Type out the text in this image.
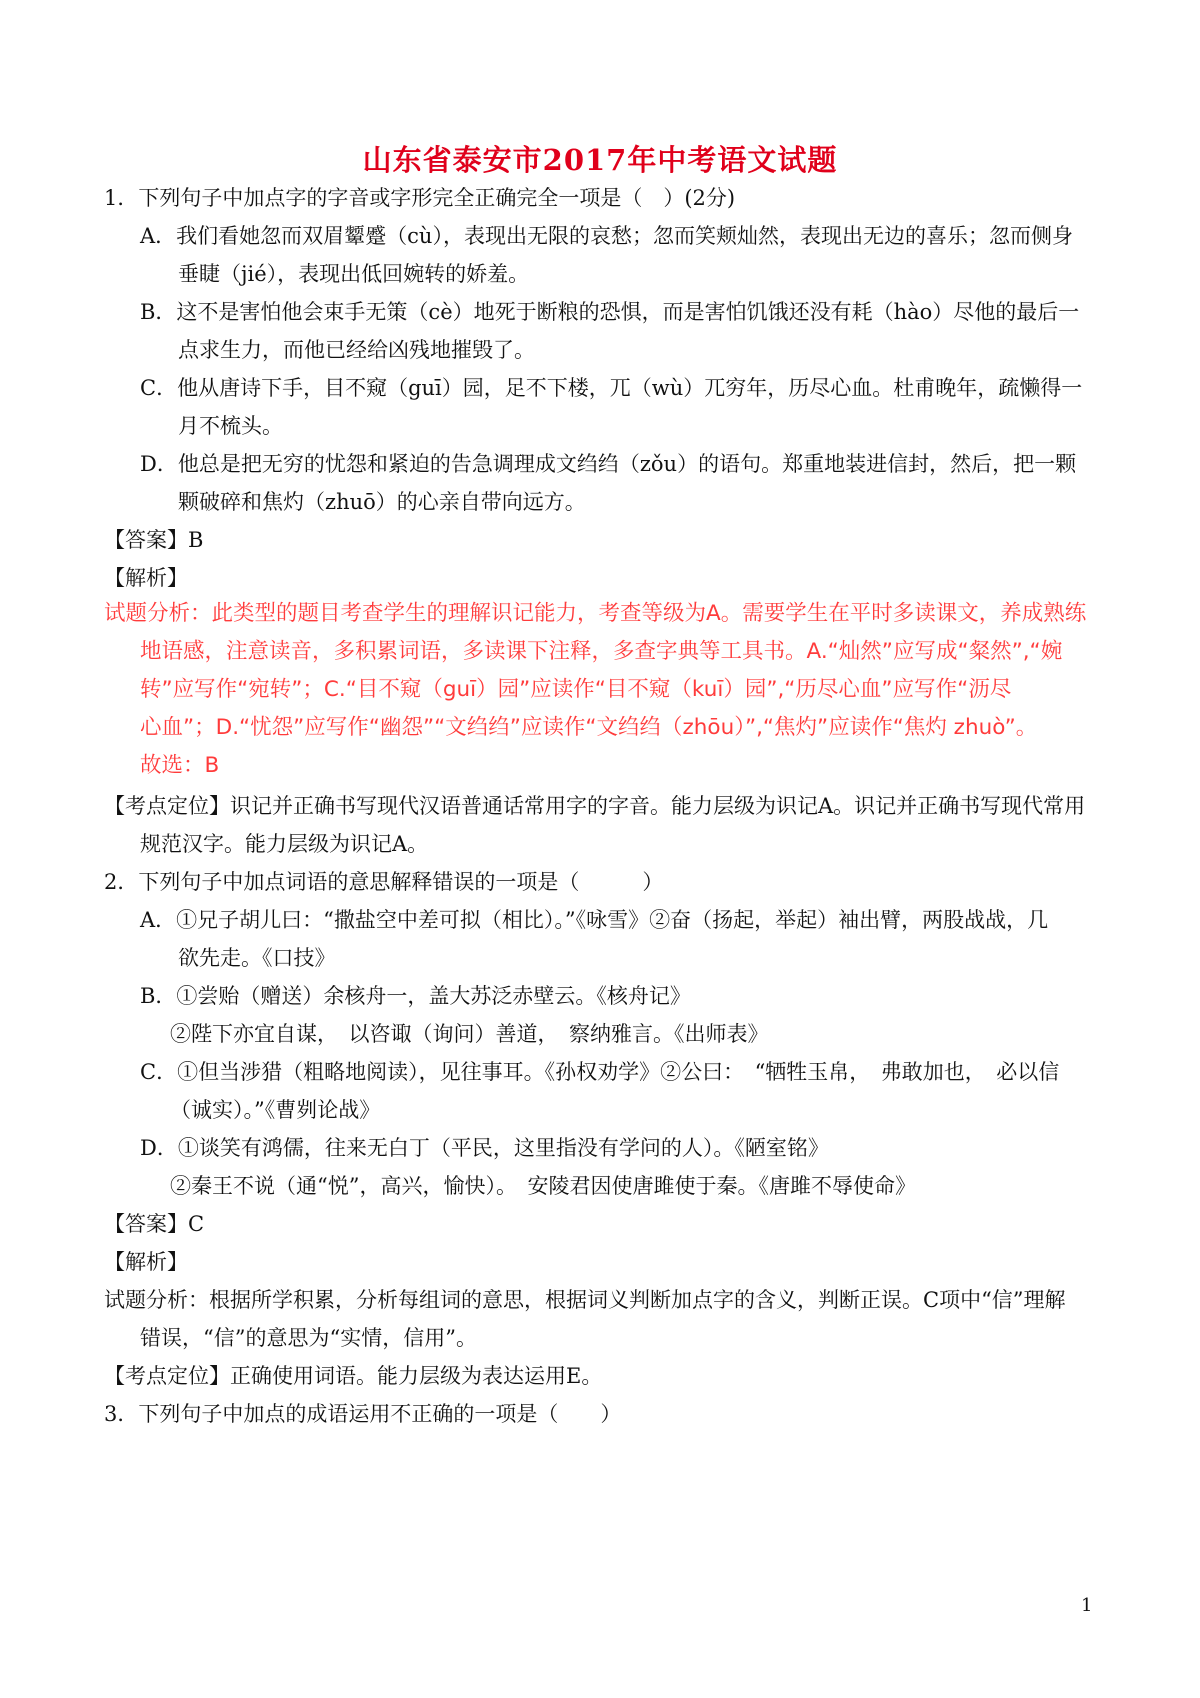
山东省泰安市2017年中考语文试题
1．下列句子中加点字的字音或字形完全正确完全一项是（　）(2分)
A．我们看她忽而双眉颦蹙（cù），表现出无限的哀愁；忽而笑颊灿然，表现出无边的喜乐；忽而侧身
垂睫（jié），表现出低回婉转的娇羞。
B．这不是害怕他会束手无策（cè）地死于断粮的恐惧，而是害怕饥饿还没有耗（hào）尽他的最后一
点求生力，而他已经给凶残地摧毁了。
C．他从唐诗下手，目不窥（guī）园，足不下楼，兀（wù）兀穷年，历尽心血。杜甫晚年，疏懒得一
月不梳头。
D．他总是把无穷的忧怨和紧迫的告急调理成文绉绉（zǒu）的语句。郑重地装进信封，然后，把一颗
颗破碎和焦灼（zhuō）的心亲自带向远方。
【答案】B
【解析】
试题分析：此类型的题目考查学生的理解识记能力，考查等级为A。需要学生在平时多读课文，养成熟练
地语感，注意读音，多积累词语，多读课下注释，多查字典等工具书。A.“灿然”应写成“粲然”,“婉
转”应写作“宛转”；C.“目不窥（guī）园”应读作“目不窥（kuī）园”,“历尽心血”应写作“沥尽
心血”；D.“忧怨”应写作“幽怨”“文绉绉”应读作“文绉绉（zhōu）”,“焦灼”应读作“焦灼 zhuò”。
故选：B
【考点定位】识记并正确书写现代汉语普通话常用字的字音。能力层级为识记A。识记并正确书写现代常用
规范汉字。能力层级为识记A。
2．下列句子中加点词语的意思解释错误的一项是（　　　）
A．①兄子胡儿曰：“撒盐空中差可拟（相比）。”《咏雪》②奋（扬起，举起）袖出臂，两股战战，几
欲先走。《口技》
B．①尝贻（赠送）余核舟一，盖大苏泛赤壁云。《核舟记》
②陛下亦宜自谋，　以咨诹（询问）善道，　察纳雅言。《出师表》
C．①但当涉猎（粗略地阅读），见往事耳。《孙权劝学》②公曰：　“牺牲玉帛，　弗敢加也，　必以信
（诚实）。”《曹刿论战》
D．①谈笑有鸿儒，往来无白丁（平民，这里指没有学问的人）。《陋室铭》
②秦王不说（通“悦”，高兴，愉快）。　安陵君因使唐雎使于秦。《唐雎不辱使命》
【答案】C
【解析】
试题分析：根据所学积累，分析每组词的意思，根据词义判断加点字的含义，判断正误。C项中“信”理解
错误，“信”的意思为“实情，信用”。
【考点定位】正确使用词语。能力层级为表达运用E。
3．下列句子中加点的成语运用不正确的一项是（　　）
1
